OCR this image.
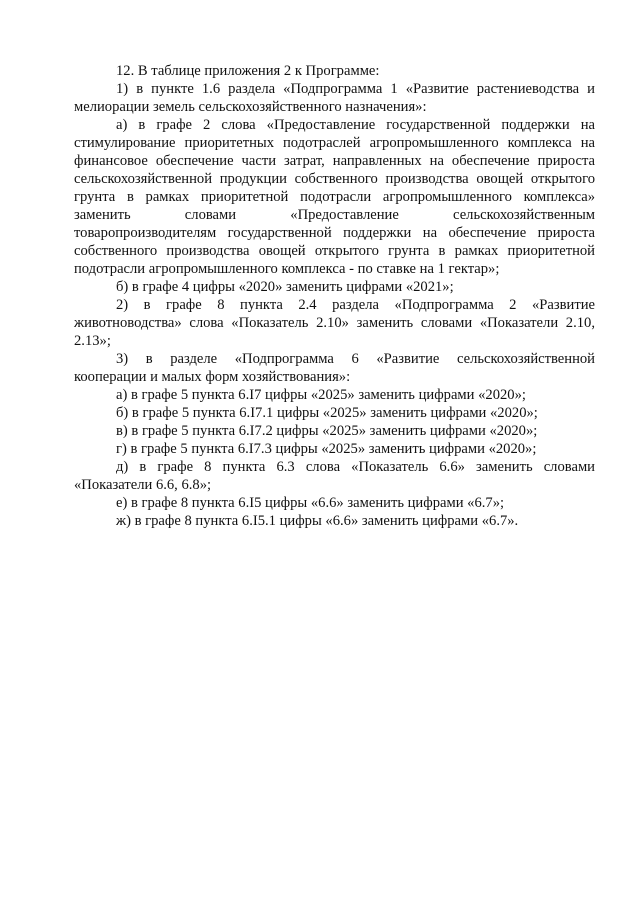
12. В таблице приложения 2 к Программе:
1) в пункте 1.6 раздела «Подпрограмма 1 «Развитие растениеводства и
мелиорации земель сельскохозяйственного назначения»:
а) в графе 2 слова «Предоставление государственной поддержки на
стимулирование приоритетных подотраслей агропромышленного комплекса на
финансовое обеспечение части затрат, направленных на обеспечение прироста
сельскохозяйственной продукции собственного производства овощей открытого
грунта в рамках приоритетной подотрасли агропромышленного комплекса»
заменить словами «Предоставление сельскохозяйственным
товаропроизводителям государственной поддержки на обеспечение прироста
собственного производства овощей открытого грунта в рамках приоритетной
подотрасли агропромышленного комплекса - по ставке на 1 гектар»;
б) в графе 4 цифры «2020» заменить цифрами «2021»;
2) в графе 8 пункта 2.4 раздела «Подпрограмма 2 «Развитие
животноводства» слова «Показатель 2.10» заменить словами «Показатели 2.10,
2.13»;
3) в разделе «Подпрограмма 6 «Развитие сельскохозяйственной
кооперации и малых форм хозяйствования»:
а) в графе 5 пункта 6.I7 цифры «2025» заменить цифрами «2020»;
б) в графе 5 пункта 6.I7.1 цифры «2025» заменить цифрами «2020»;
в) в графе 5 пункта 6.I7.2 цифры «2025» заменить цифрами «2020»;
г) в графе 5 пункта 6.I7.3 цифры «2025» заменить цифрами «2020»;
д) в графе 8 пункта 6.3 слова «Показатель 6.6» заменить словами
«Показатели 6.6, 6.8»;
е) в графе 8 пункта 6.I5 цифры «6.6» заменить цифрами «6.7»;
ж) в графе 8 пункта 6.I5.1 цифры «6.6» заменить цифрами «6.7».
